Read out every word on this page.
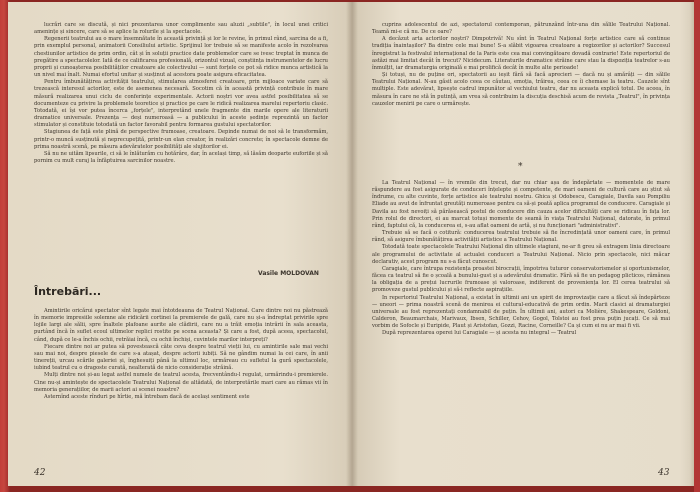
lucrări care se discută, și nici prezentarea unor complimente sau aluzii „subtile", în locul unei critici amenințe și sincere, care să se aplice la rolurile și la spectacole.

Regenerii teatrului au o mare însemnătate în această privință și lor le revine, în primul rând, sarcina de a fi, prin exemplul personal, animatorii Consiliului artistic. Sprijinul lor trebuie să se manifeste acolo în rezolvarea chestiunilor artistice de prim ordin, cât și în soluții practice date problemelor care se ivesc treptat în munca de pregătire a spectacolelor. Iată de ce calificarea profesională, orizontul vizual, conștiința instrumentelor de lucru proprii și cunoașterea posibilităților creatoare ale colectivului — sunt forțele ce pot să ridice munca artistică la un nivel mai înalt. Numai efortul unitar și susținut al acestora poate asigura eficacitatea.

Pentru îmbunătățirea activității teatrului, stimularea atmosferei creatoare, prin mijloace variate care să trezească interesul actorilor, este de asemenea necesară. Socotim că în această privință contribuie în mare măsură realizarea unui ciclu de conferințe experimentale. Actorii noștri vor avea astfel posibilitatea să se documenteze cu privire la problemele teoretice și practice pe care le ridică realizarea marelui repertoriu clasic. Totodată, ei își vor putea încerca „forțele", interpretând unele fragmente din marile opere ale literaturii dramatice universale. Prezența — deși numeroasă — a publicului în aceste ședințe reprezintă un factor stimulator și constituie totodată un factor favorabil pentru formarea gustului spectatorilor.

Stagiunea de față este plină de perspective frumoase, creatoare. Depinde numai de noi să le transformăm, printr-o muncă susținută și neprecupețită, printr-un elan creator, în realizări concrete; în spectacole demne de prima noastră scenă, pe măsura adevăratelor posibilități ale slujitorilor ei.

Să nu ne uităm lipsurile, ci să le înlăturăm cu hotărâre, dar, în același timp, să lăsăm deoparte euforiile și să pornim cu mult curaj la înfăptuirea sarcinilor noastre.

Vasile MOLDOVAN
Întrebări...

Amintirile oricărui spectator sînt legate mai întotdeauna de Teatrul Național. Care dintre noi nu păstrează în memorie impresiile solemne ale ridicării cortinei la premierele de gală, care nu și-a îndreptat privirile spre lojile largi ale sălii, spre înaltele plafoane aurite ale clădirii, care nu a trăit emoția intrării în sala aceasta, purtând încă în suflet ecoul ultimelor replici rostite pe scena aceasta? Și care a fost, după aceea, spectacolul, când, după ce le-a închis ochii, retrăiai încă, cu ochii închiși, cuvintele marilor interpreți?

Fiecare dintre noi ar putea să povestească câte ceva despre teatrul vieții lui, cu amintirile sale mai vechi sau mai noi, despre piesele de care s-a atașat, despre actorii iubiți. Să ne gândim numai la cei care, în anii tinereții, urcau scările galeriei și, înghesuiți până la ultimul loc, urmăreau cu sufletul la gură spectacolele, iubind teatrul cu o dragoste curată, nealterată de nicio considerație străină.

Mulți dintre noi și-au legat astfel numele de teatrul acesta, frecventându-l regulat, urmărindu-i premierele. Cine nu-și amintește de spectacolele Teatrului Național de altădată, de interpretările mari care au rămas vii în memoria generațiilor, de marii actori ai scenei noastre?

Asternînd aceste rînduri pe hîrtie, mă întrebam dacă de același sentiment este

42

cuprins adolescentul de azi, spectatorul contemporan, pătrunzând într-una din sălile Teatrului Național. Teamă mi-e că nu. De ce oare?

A decăzut arta actorilor noștri? Dimpotrivă! Nu sînt în Teatrul Național forțe artistice care să continue tradiția înaintașilor? Ba dintre cele mai bune! S-a slăbit vigoarea creatoare a regizorilor și actorilor? Succesul înregistrat la festivalul internațional de la Paris este cea mai convingătoare dovadă contrarie! Este repertoriul de astăzi mai limitat decât în trecut? Nicidecum. Literaturile dramatice străine care stau la dispoziția teatrelor s-au înmulțit, iar dramaturgia originală e mai prolifică decât în multe alte perioade!

Și totuși, nu de puține ori, spectatorii au ieșit fără să facă aprecieri — dacă nu și amărâți — din sălile Teatrului Național. N-au găsit acolo ceea ce căutau, emoția, trăirea, ceea ce îi chemase la teatru. Cauzele sînt multiple. Este adevărat, lipsește cadrul impunător al vechiului teatru, dar nu aceasta explică totul. De aceea, în măsura în care ne stă în putință, am vrea să contribuim la discuția deschisă acum de revista „Teatrul", în privința cauzelor menirii pe care o urmărește.

*

La Teatrul Național — în vremile din trecut, dar nu chiar așa de îndepărtate — momentele de mare răspundere au fost asigurate de conduceri înțelepte și competente, de mari oameni de cultură care au știut să îndrume, cu alte cuvinte, forțe artistice ale teatrului nostru. Ghica și Odobescu, Caragiale, Davila sau Pompiliu Eliade au avut de înfruntat greutăți numeroase pentru ca să-și poată aplica programul de conducere. Caragiale și Davila au fost nevoiți să părăsească postul de conducere din cauza acelor dificultăți care se ridicau în fața lor. Prin rolul de directori, ei au marcat totuși momente de seamă în viața Teatrului Național, datorate, în primul rând, faptului că, la conducerea ei, s-au aflat oameni de artă, și nu funcționari "administrativi".

Trebuie să se facă o cotitură: conducerea teatrului trebuie să fie încredințată unor oameni care, în primul rând, să asigure îmbunătățirea activității artistice a Teatrului Național.

Totodată toate spectacolele Teatrului Național din ultimele stagiuni, ne-ar fi greu să extragem linia directoare ale programului de activitate al actualei conduceri a Teatrului Național. Nicio prin spectacole, nici măcar declarativ, acest program nu s-a făcut cunoscut.

Caragiale, care întrupa rezistența proastei birocrații, împotriva tuturor conservatorismelor și oportunismelor, făcea ca teatrul să fie o școală a bunului-gust și a adevărului dramatic. Fără să fie un pedagog plicticos, rămânea la obligația de a prețui lucrurile frumoase și valoroase, indiferent de proveniența lor. El cerea teatrului să promoveze gustul publicului și să-i reflecte aspirațiile.

In repertoriul Teatrului Național, a existat în ultimii ani un spirit de improvizație care a făcut să îndepărteze — uneori — prima noastră scenă de menirea ei cultural-educativă de prim ordin. Marii clasici ai dramaturgiei universale au fost reprezentați condamnabil de puțin. În ultimii ani, autori ca Molière, Shakespeare, Goldoni, Calderon, Beaumarchais, Marivaux, Ibsen, Schiller, Cehov, Gogol, Tolstoi au fost prea puțin jucați. Ce să mai vorbim de Sofocle și Euripide, Plaut și Aristofan, Gozzi, Racine, Corneille? Ca și cum ei nu ar mai fi vii.

După reprezentarea operei lui Caragiale — și acesta nu integral — Teatrul

43
